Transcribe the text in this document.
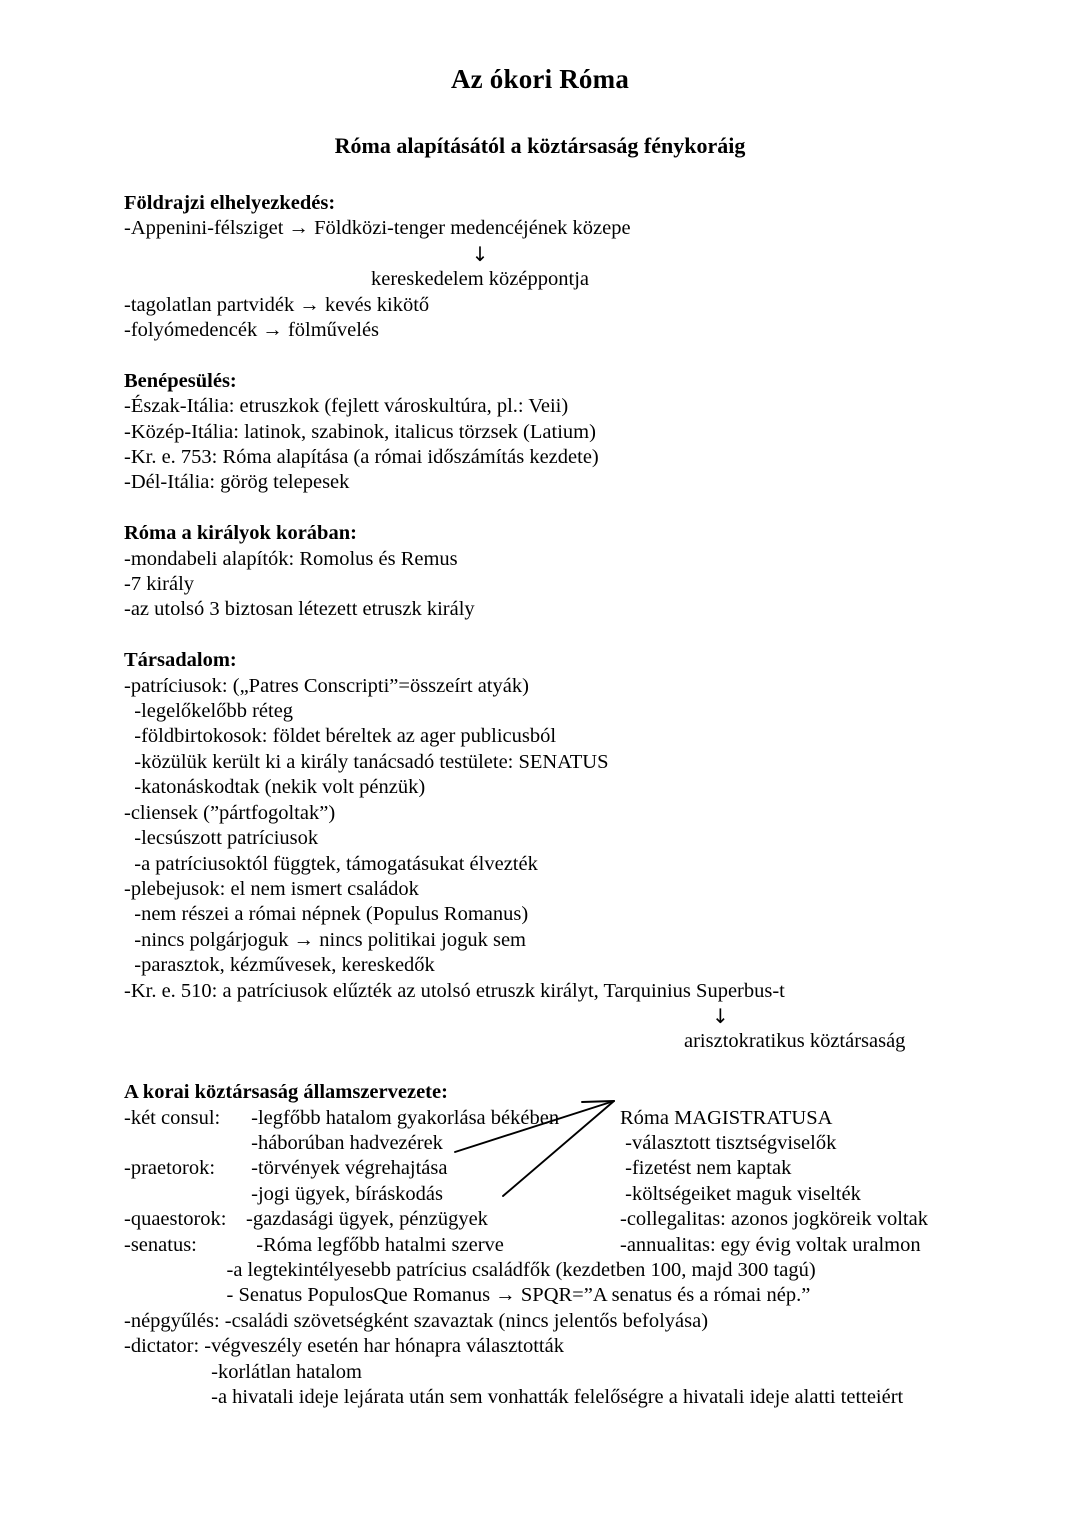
Az ókori Róma
Róma alapításától a köztársaság fénykoráig
Földrajzi elhelyezkedés:
-Appenini-félsziget → Földközi-tenger medencéjének közepe
↓
kereskedelem középpontja
-tagolatlan partvidék → kevés kikötő
-folyómedencék → fölművelés
Benépesülés:
-Észak-Itália: etruszkok (fejlett városkultúra, pl.: Veii)
-Közép-Itália: latinok, szabinok, italicus törzsek (Latium)
-Kr. e. 753: Róma alapítása (a római időszámítás kezdete)
-Dél-Itália: görög telepesek
Róma a királyok korában:
-mondabeli alapítók: Romolus és Remus
-7 király
-az utolsó 3 biztosan létezett etruszk király
Társadalom:
-patríciusok: („Patres Conscripti”=összeírt atyák)
-legelőkelőbb réteg
-földbirtokosok: földet béreltek az ager publicusból
-közülük került ki a király tanácsadó testülete: SENATUS
-katonáskodtak (nekik volt pénzük)
-cliensek (”pártfogoltak”)
-lecsúszott patríciusok
-a patríciusoktól függtek, támogatásukat élvezték
-plebejusok: el nem ismert családok
-nem részei a római népnek (Populus Romanus)
-nincs polgárjoguk → nincs politikai joguk sem
-parasztok, kézművesek, kereskedők
-Kr. e. 510: a patríciusok elűzték az utolsó etruszk királyt, Tarquinius Superbus-t
↓
arisztokratikus köztársaság
A korai köztársaság államszervezete:
-két consul:	-legfőbb hatalom gyakorlása békében	Róma MAGISTRATUSA
-háborúban hadvezérek	-választott tisztségviselők
-praetorok:	-törvények végrehajtása	-fizetést nem kaptak
-jogi ügyek, bíráskodás	-költségeiket maguk viselték
-quaestorok: -gazdasági ügyek, pénzügyek	-collegalitas: azonos jogköreik voltak
-senatus:	-Róma legfőbb hatalmi szerve	-annualitas: egy évig voltak uralmon
-a legtekintélyesebb patrícius családfők (kezdetben 100, majd 300 tagú)
- Senatus PopulosQue Romanus → SPQR=”A senatus és a római nép.”
-népgyűlés: -családi szövetségként szavaztak (nincs jelentős befolyása)
-dictator: -végveszély esetén har hónapra választották
-korlátlan hatalom
-a hivatali ideje lejárata után sem vonhatták felelőségre a hivatali ideje alatti tetteiért
